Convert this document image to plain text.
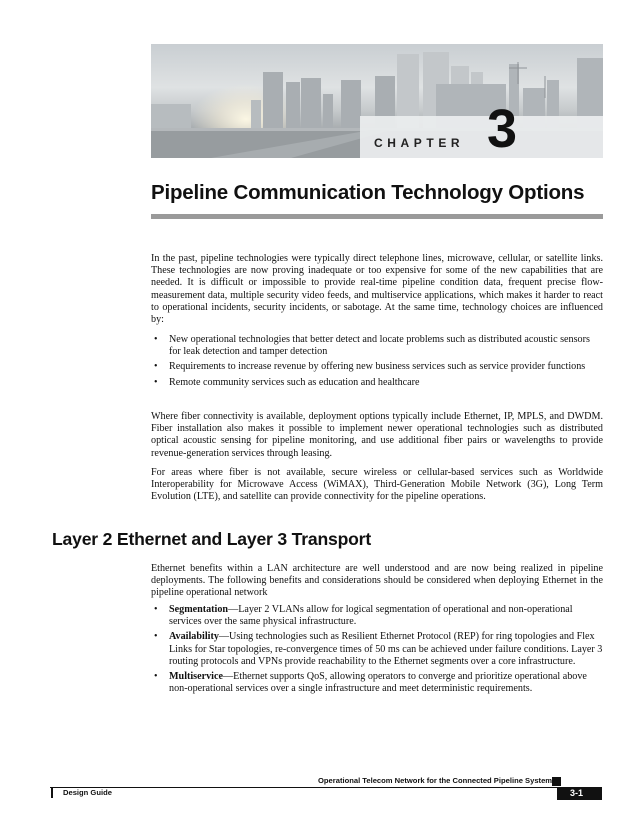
CHAPTER 3
Pipeline Communication Technology Options

In the past, pipeline technologies were typically direct telephone lines, microwave, cellular, or satellite links. These technologies are now proving inadequate or too expensive for some of the new capabilities that are needed. It is difficult or impossible to provide real-time pipeline condition data, frequent precise flow-measurement data, multiple security video feeds, and multiservice applications, which makes it harder to react to operational incidents, security incidents, or sabotage. At the same time, technology choices are influenced by:

• New operational technologies that better detect and locate problems such as distributed acoustic sensors for leak detection and tamper detection
• Requirements to increase revenue by offering new business services such as service provider functions
• Remote community services such as education and healthcare

Where fiber connectivity is available, deployment options typically include Ethernet, IP, MPLS, and DWDM. Fiber installation also makes it possible to implement newer operational technologies such as distributed optical acoustic sensing for pipeline monitoring, and use additional fiber pairs or wavelengths to provide revenue-generation services through leasing.

For areas where fiber is not available, secure wireless or cellular-based services such as Worldwide Interoperability for Microwave Access (WiMAX), Third-Generation Mobile Network (3G), Long Term Evolution (LTE), and satellite can provide connectivity for the pipeline operations.

Layer 2 Ethernet and Layer 3 Transport

Ethernet benefits within a LAN architecture are well understood and are now being realized in pipeline deployments. The following benefits and considerations should be considered when deploying Ethernet in the pipeline operational network

• Segmentation—Layer 2 VLANs allow for logical segmentation of operational and non-operational services over the same physical infrastructure.
• Availability—Using technologies such as Resilient Ethernet Protocol (REP) for ring topologies and Flex Links for Star topologies, re-convergence times of 50 ms can be achieved under failure conditions. Layer 3 routing protocols and VPNs provide reachability to the Ethernet segments over a core infrastructure.
• Multiservice—Ethernet supports QoS, allowing operators to converge and prioritize operational above non-operational services over a single infrastructure and meet deterministic requirements.
Operational Telecom Network for the Connected Pipeline System
Design Guide	3-1
